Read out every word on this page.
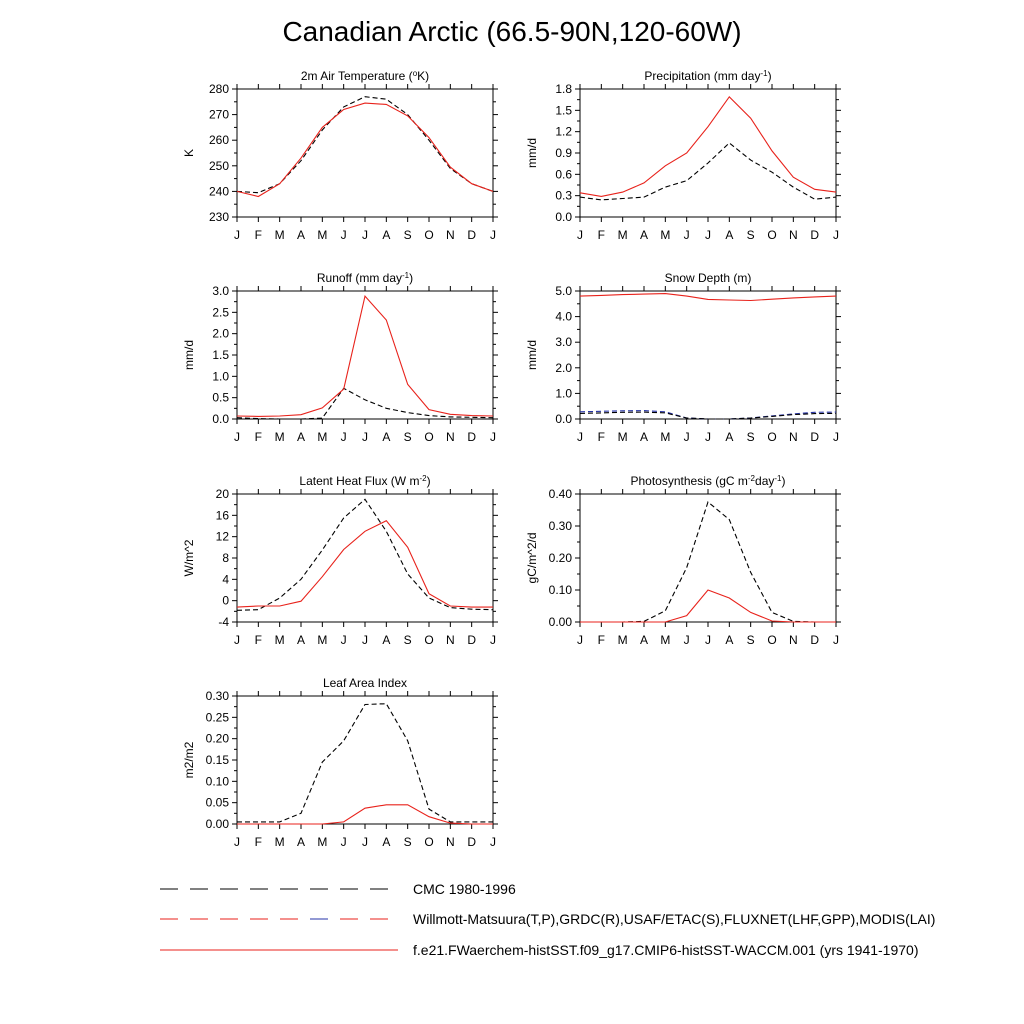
Canadian Arctic (66.5-90N,120-60W)
2m Air Temperature ($^o$K)
K
230
240
250
260
270
280
J F M A M J J A S O N D J
Precipitation (mm day$^{-1}$)
mm/d
0.0
0.3
0.6
0.9
1.2
1.5
1.8
J F M A M J J A S O N D J
Runoff (mm day$^{-1}$)
mm/d
0.0
0.5
1.0
1.5
2.0
2.5
3.0
J F M A M J J A S O N D J
Snow Depth (m)
mm/d
0.0
1.0
2.0
3.0
4.0
5.0
J F M A M J J A S O N D J
Latent Heat Flux (W $m^{-2}$)
W/m^2
-4
0
4
8
12
16
20
J F M A M J J A S O N D J
Photosynthesis (gC $m^{-2}day^{-1}$)
gC/m^2/d
0.00
0.10
0.20
0.30
0.40
J F M A M J J A S O N D J
Leaf Area Index
m2/m2
0.00
0.05
0.10
0.15
0.20
0.25
0.30
J F M A M J J A S O N D J
CMC 1980-1996
Willmott-Matsuura(T,P),GRDC(R),USAF/ETAC(S),FLUXNET(LHF,GPP),MODIS(LAI)
f.e21.FWaerchem-histSST.f09_g17.CMIP6-histSST-WACCM.001 (yrs 1941-1970)
